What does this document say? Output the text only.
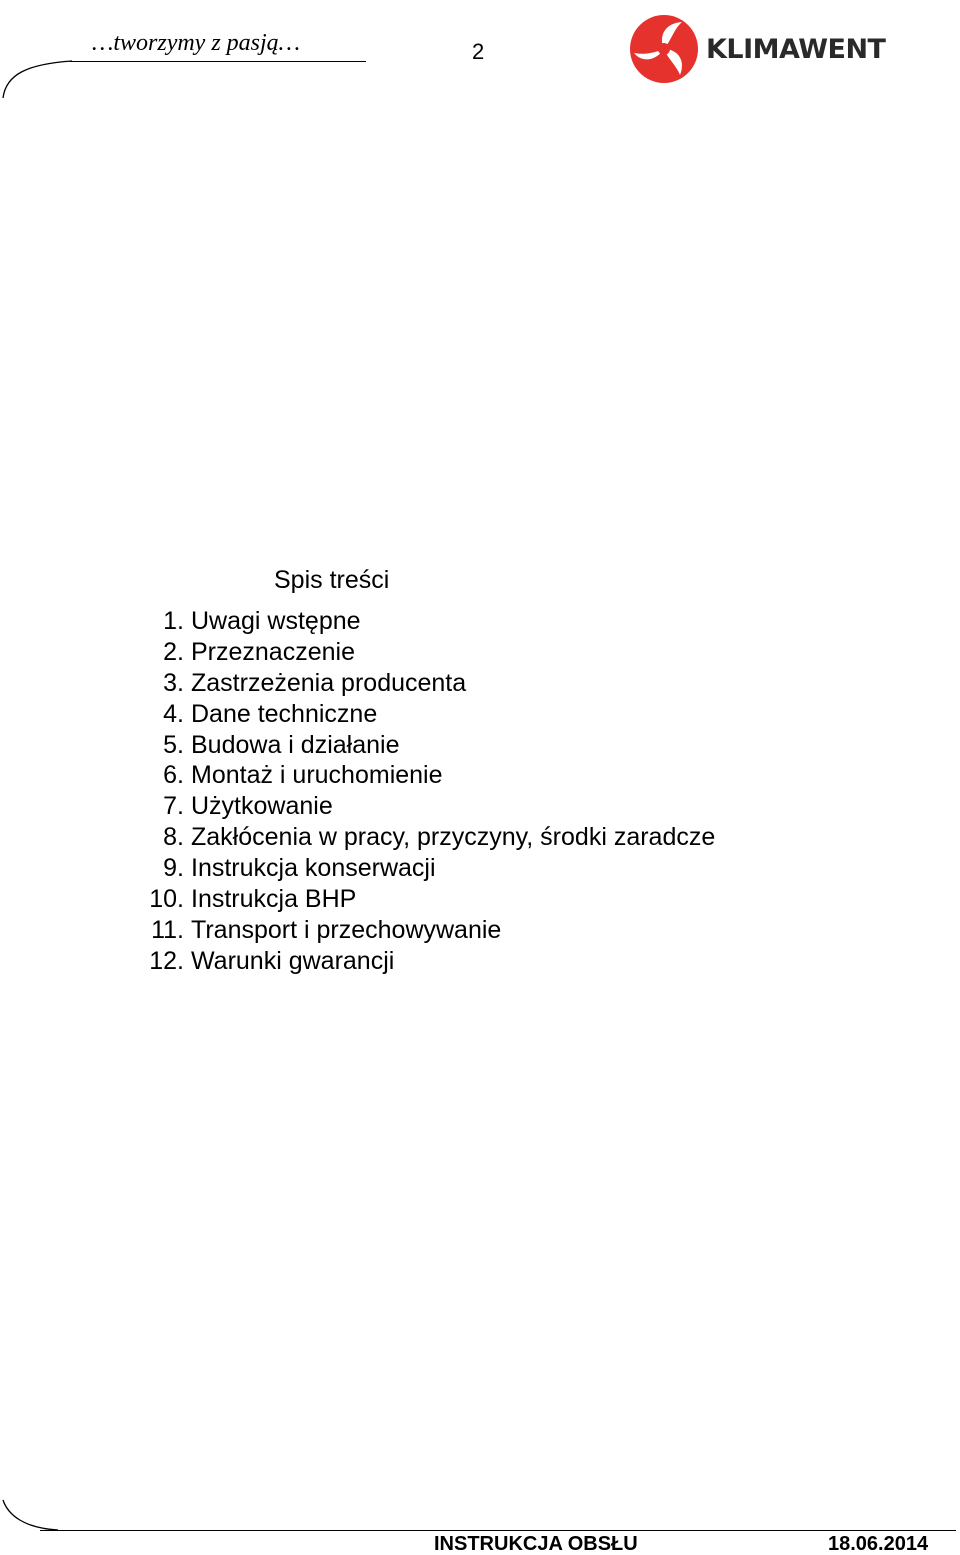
…tworzymy z pasją…	2	KLIMAWENT
Spis treści
1. Uwagi wstępne
2. Przeznaczenie
3. Zastrzeżenia producenta
4. Dane techniczne
5. Budowa i działanie
6. Montaż i uruchomienie
7. Użytkowanie
8. Zakłócenia w pracy, przyczyny, środki zaradcze
9. Instrukcja konserwacji
10. Instrukcja BHP
11. Transport i przechowywanie
12. Warunki gwarancji
INSTRUKCJA OBSŁU	18.06.2014
